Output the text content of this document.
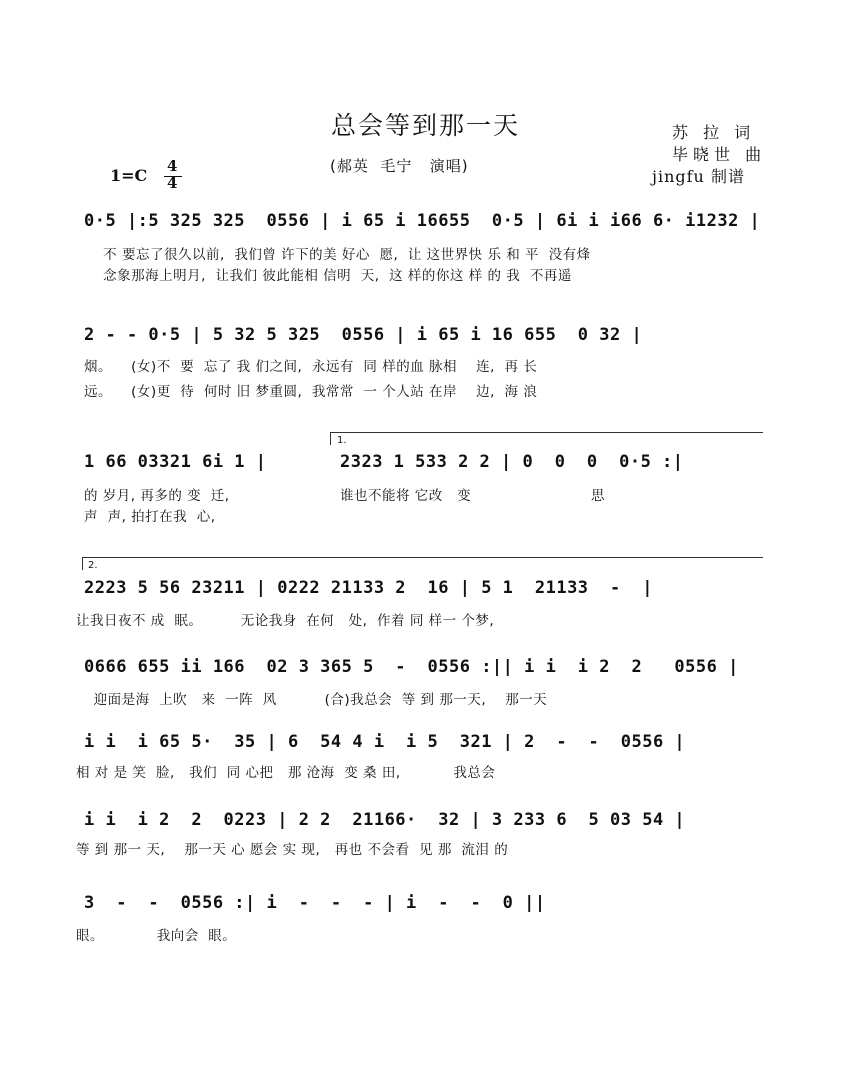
总会等到那一天
(郝英  毛宁   演唱)
苏 拉 词
毕晓世 曲
jingfu 制谱
1=C 4
4
0·5 |:5 325 325  0556 | i 65 i 16655  0·5 | 6i i i66 6· i1232 |
不 要忘了很久以前,  我们曾 许下的美 好心  愿,  让 这世界快 乐 和 平  没有烽
念象那海上明月,  让我们 彼此能相 信明  天,  这 样的你这 样 的 我  不再遥
2 - - 0·5 | 5 32 5 325  0556 | i 65 i 16 655  0 32 |
烟。    (女)不  要  忘了 我 们之间,  永远有  同 样的血 脉相    连,  再 长
远。    (女)更  待  何时 旧 梦重圆,  我常常  一 个人站 在岸    边,  海 浪
1 66 03321 6i 1 |
1.
2323 1 533 2 2 | 0  0  0  0·5 :|
的 岁月, 再多的 变  迁,
声  声, 拍打在我  心,
谁也不能将 它改   变                         思
2.
2223 5 56 23211 | 0222 21133 2  16 | 5 1  21133  -  |
让我日夜不 成  眠。        无论我身  在何   处,  作着 同 样一 个梦,
0666 655 ii 166  02 3 365 5  -  0556 :|| i i  i 2  2   0556 |
迎面是海  上吹   来  一阵  风          (合)我总会  等 到 那一天,    那一天
i i  i 65 5·  35 | 6  54 4 i  i 5  321 | 2  -  -  0556 |
相 对 是 笑  脸,   我们  同 心把   那 沧海  变 桑 田,           我总会
i i  i 2  2  0223 | 2 2  21166·  32 | 3 233 6  5 03 54 |
等 到 那一 天,    那一天 心 愿会 实 现,   再也 不会看  见 那  流泪 的
3  -  -  0556 :| i  -  -  - | i  -  -  0 ||
眼。           我向会  眼。
